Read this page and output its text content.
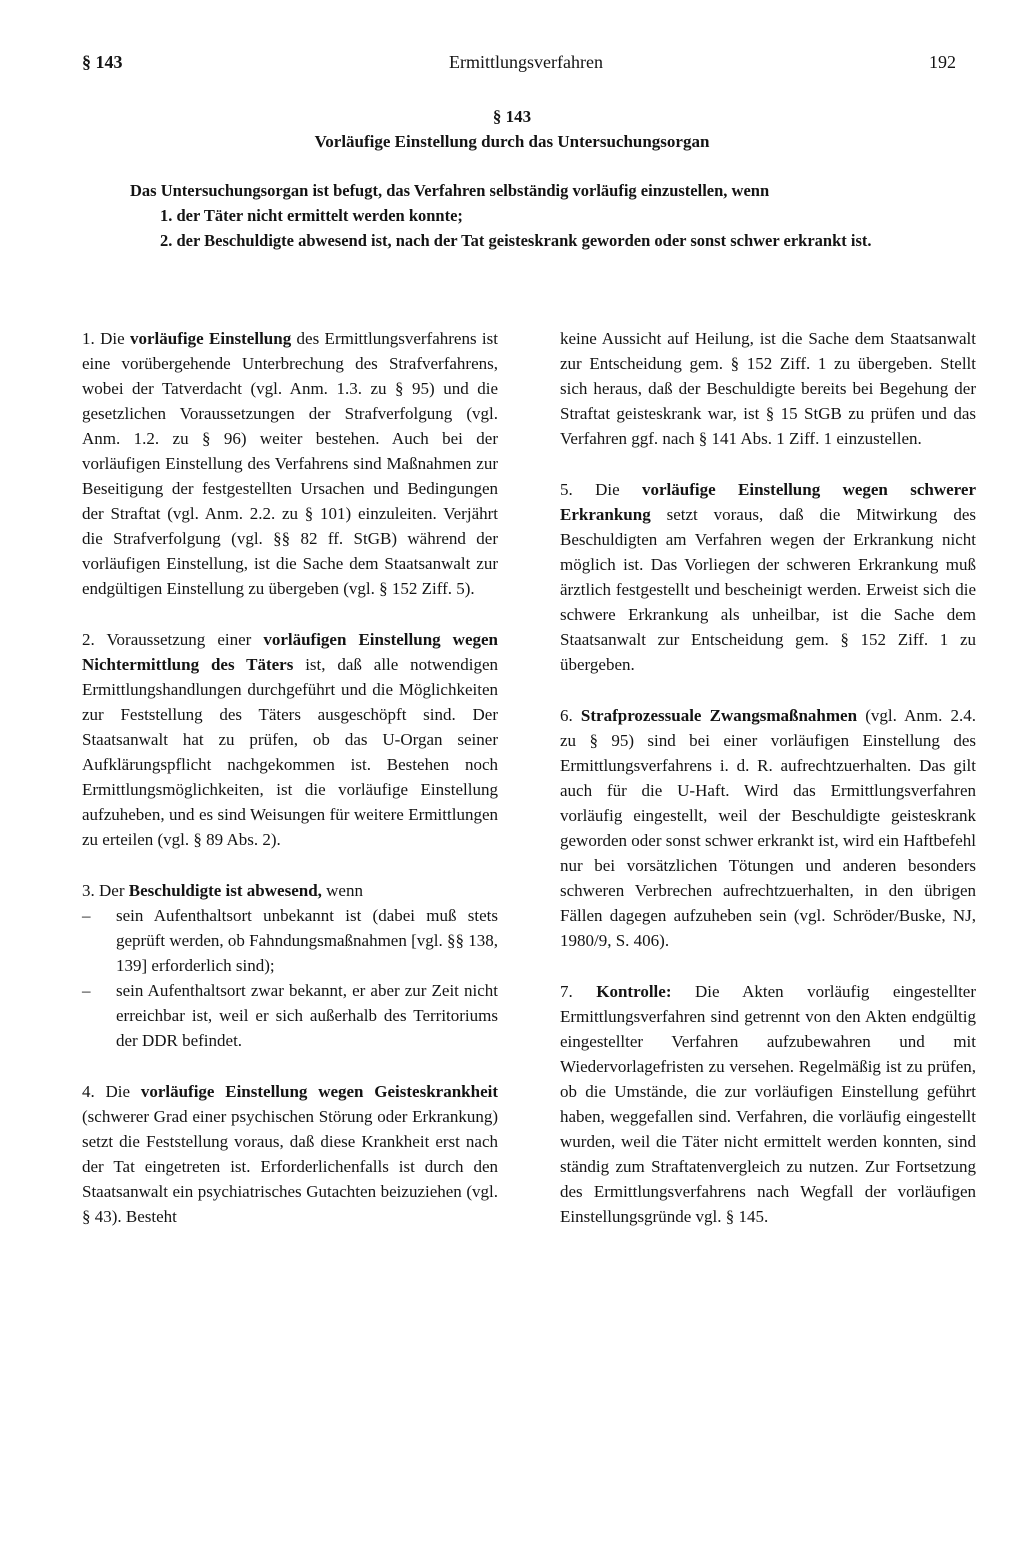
§ 143	Ermittlungsverfahren	192
§ 143
Vorläufige Einstellung durch das Untersuchungsorgan

Das Untersuchungsorgan ist befugt, das Verfahren selbständig vorläufig einzustellen, wenn

1. der Täter nicht ermittelt werden konnte;

2. der Beschuldigte abwesend ist, nach der Tat geisteskrank geworden oder sonst schwer erkrankt ist.

1. Die vorläufige Einstellung des Ermittlungsverfahrens ist eine vorübergehende Unterbrechung des Strafverfahrens, wobei der Tatverdacht (vgl. Anm. 1.3. zu § 95) und die gesetzlichen Voraussetzungen der Strafverfolgung (vgl. Anm. 1.2. zu § 96) weiter bestehen. Auch bei der vorläufigen Einstellung des Verfahrens sind Maßnahmen zur Beseitigung der festgestellten Ursachen und Bedingungen der Straftat (vgl. Anm. 2.2. zu § 101) einzuleiten. Verjährt die Strafverfolgung (vgl. §§ 82 ff. StGB) während der vorläufigen Einstellung, ist die Sache dem Staatsanwalt zur endgültigen Einstellung zu übergeben (vgl. § 152 Ziff. 5).

2. Voraussetzung einer vorläufigen Einstellung wegen Nichtermittlung des Täters ist, daß alle notwendigen Ermittlungshandlungen durchgeführt und die Möglichkeiten zur Feststellung des Täters ausgeschöpft sind. Der Staatsanwalt hat zu prüfen, ob das U-Organ seiner Aufklärungspflicht nachgekommen ist. Bestehen noch Ermittlungsmöglichkeiten, ist die vorläufige Einstellung aufzuheben, und es sind Weisungen für weitere Ermittlungen zu erteilen (vgl. § 89 Abs. 2).

3. Der Beschuldigte ist abwesend, wenn
– sein Aufenthaltsort unbekannt ist (dabei muß stets geprüft werden, ob Fahndungsmaßnahmen [vgl. §§ 138, 139] erforderlich sind);
– sein Aufenthaltsort zwar bekannt, er aber zur Zeit nicht erreichbar ist, weil er sich außerhalb des Territoriums der DDR befindet.

4. Die vorläufige Einstellung wegen Geisteskrankheit (schwerer Grad einer psychischen Störung oder Erkrankung) setzt die Feststellung voraus, daß diese Krankheit erst nach der Tat eingetreten ist. Erforderlichenfalls ist durch den Staatsanwalt ein psychiatrisches Gutachten beizuziehen (vgl. § 43). Besteht

keine Aussicht auf Heilung, ist die Sache dem Staatsanwalt zur Entscheidung gem. § 152 Ziff. 1 zu übergeben. Stellt sich heraus, daß der Beschuldigte bereits bei Begehung der Straftat geisteskrank war, ist § 15 StGB zu prüfen und das Verfahren ggf. nach § 141 Abs. 1 Ziff. 1 einzustellen.

5. Die vorläufige Einstellung wegen schwerer Erkrankung setzt voraus, daß die Mitwirkung des Beschuldigten am Verfahren wegen der Erkrankung nicht möglich ist. Das Vorliegen der schweren Erkrankung muß ärztlich festgestellt und bescheinigt werden. Erweist sich die schwere Erkrankung als unheilbar, ist die Sache dem Staatsanwalt zur Entscheidung gem. § 152 Ziff. 1 zu übergeben.

6. Strafprozessuale Zwangsmaßnahmen (vgl. Anm. 2.4. zu § 95) sind bei einer vorläufigen Einstellung des Ermittlungsverfahrens i. d. R. aufrechtzuerhalten. Das gilt auch für die U-Haft. Wird das Ermittlungsverfahren vorläufig eingestellt, weil der Beschuldigte geisteskrank geworden oder sonst schwer erkrankt ist, wird ein Haftbefehl nur bei vorsätzlichen Tötungen und anderen besonders schweren Verbrechen aufrechtzuerhalten, in den übrigen Fällen dagegen aufzuheben sein (vgl. Schröder/Buske, NJ, 1980/9, S. 406).

7. Kontrolle: Die Akten vorläufig eingestellter Ermittlungsverfahren sind getrennt von den Akten endgültig eingestellter Verfahren aufzubewahren und mit Wiedervorlagefristen zu versehen. Regelmäßig ist zu prüfen, ob die Umstände, die zur vorläufigen Einstellung geführt haben, weggefallen sind. Verfahren, die vorläufig eingestellt wurden, weil die Täter nicht ermittelt werden konnten, sind ständig zum Straftatenvergleich zu nutzen. Zur Fortsetzung des Ermittlungsverfahrens nach Wegfall der vorläufigen Einstellungsgründe vgl. § 145.
